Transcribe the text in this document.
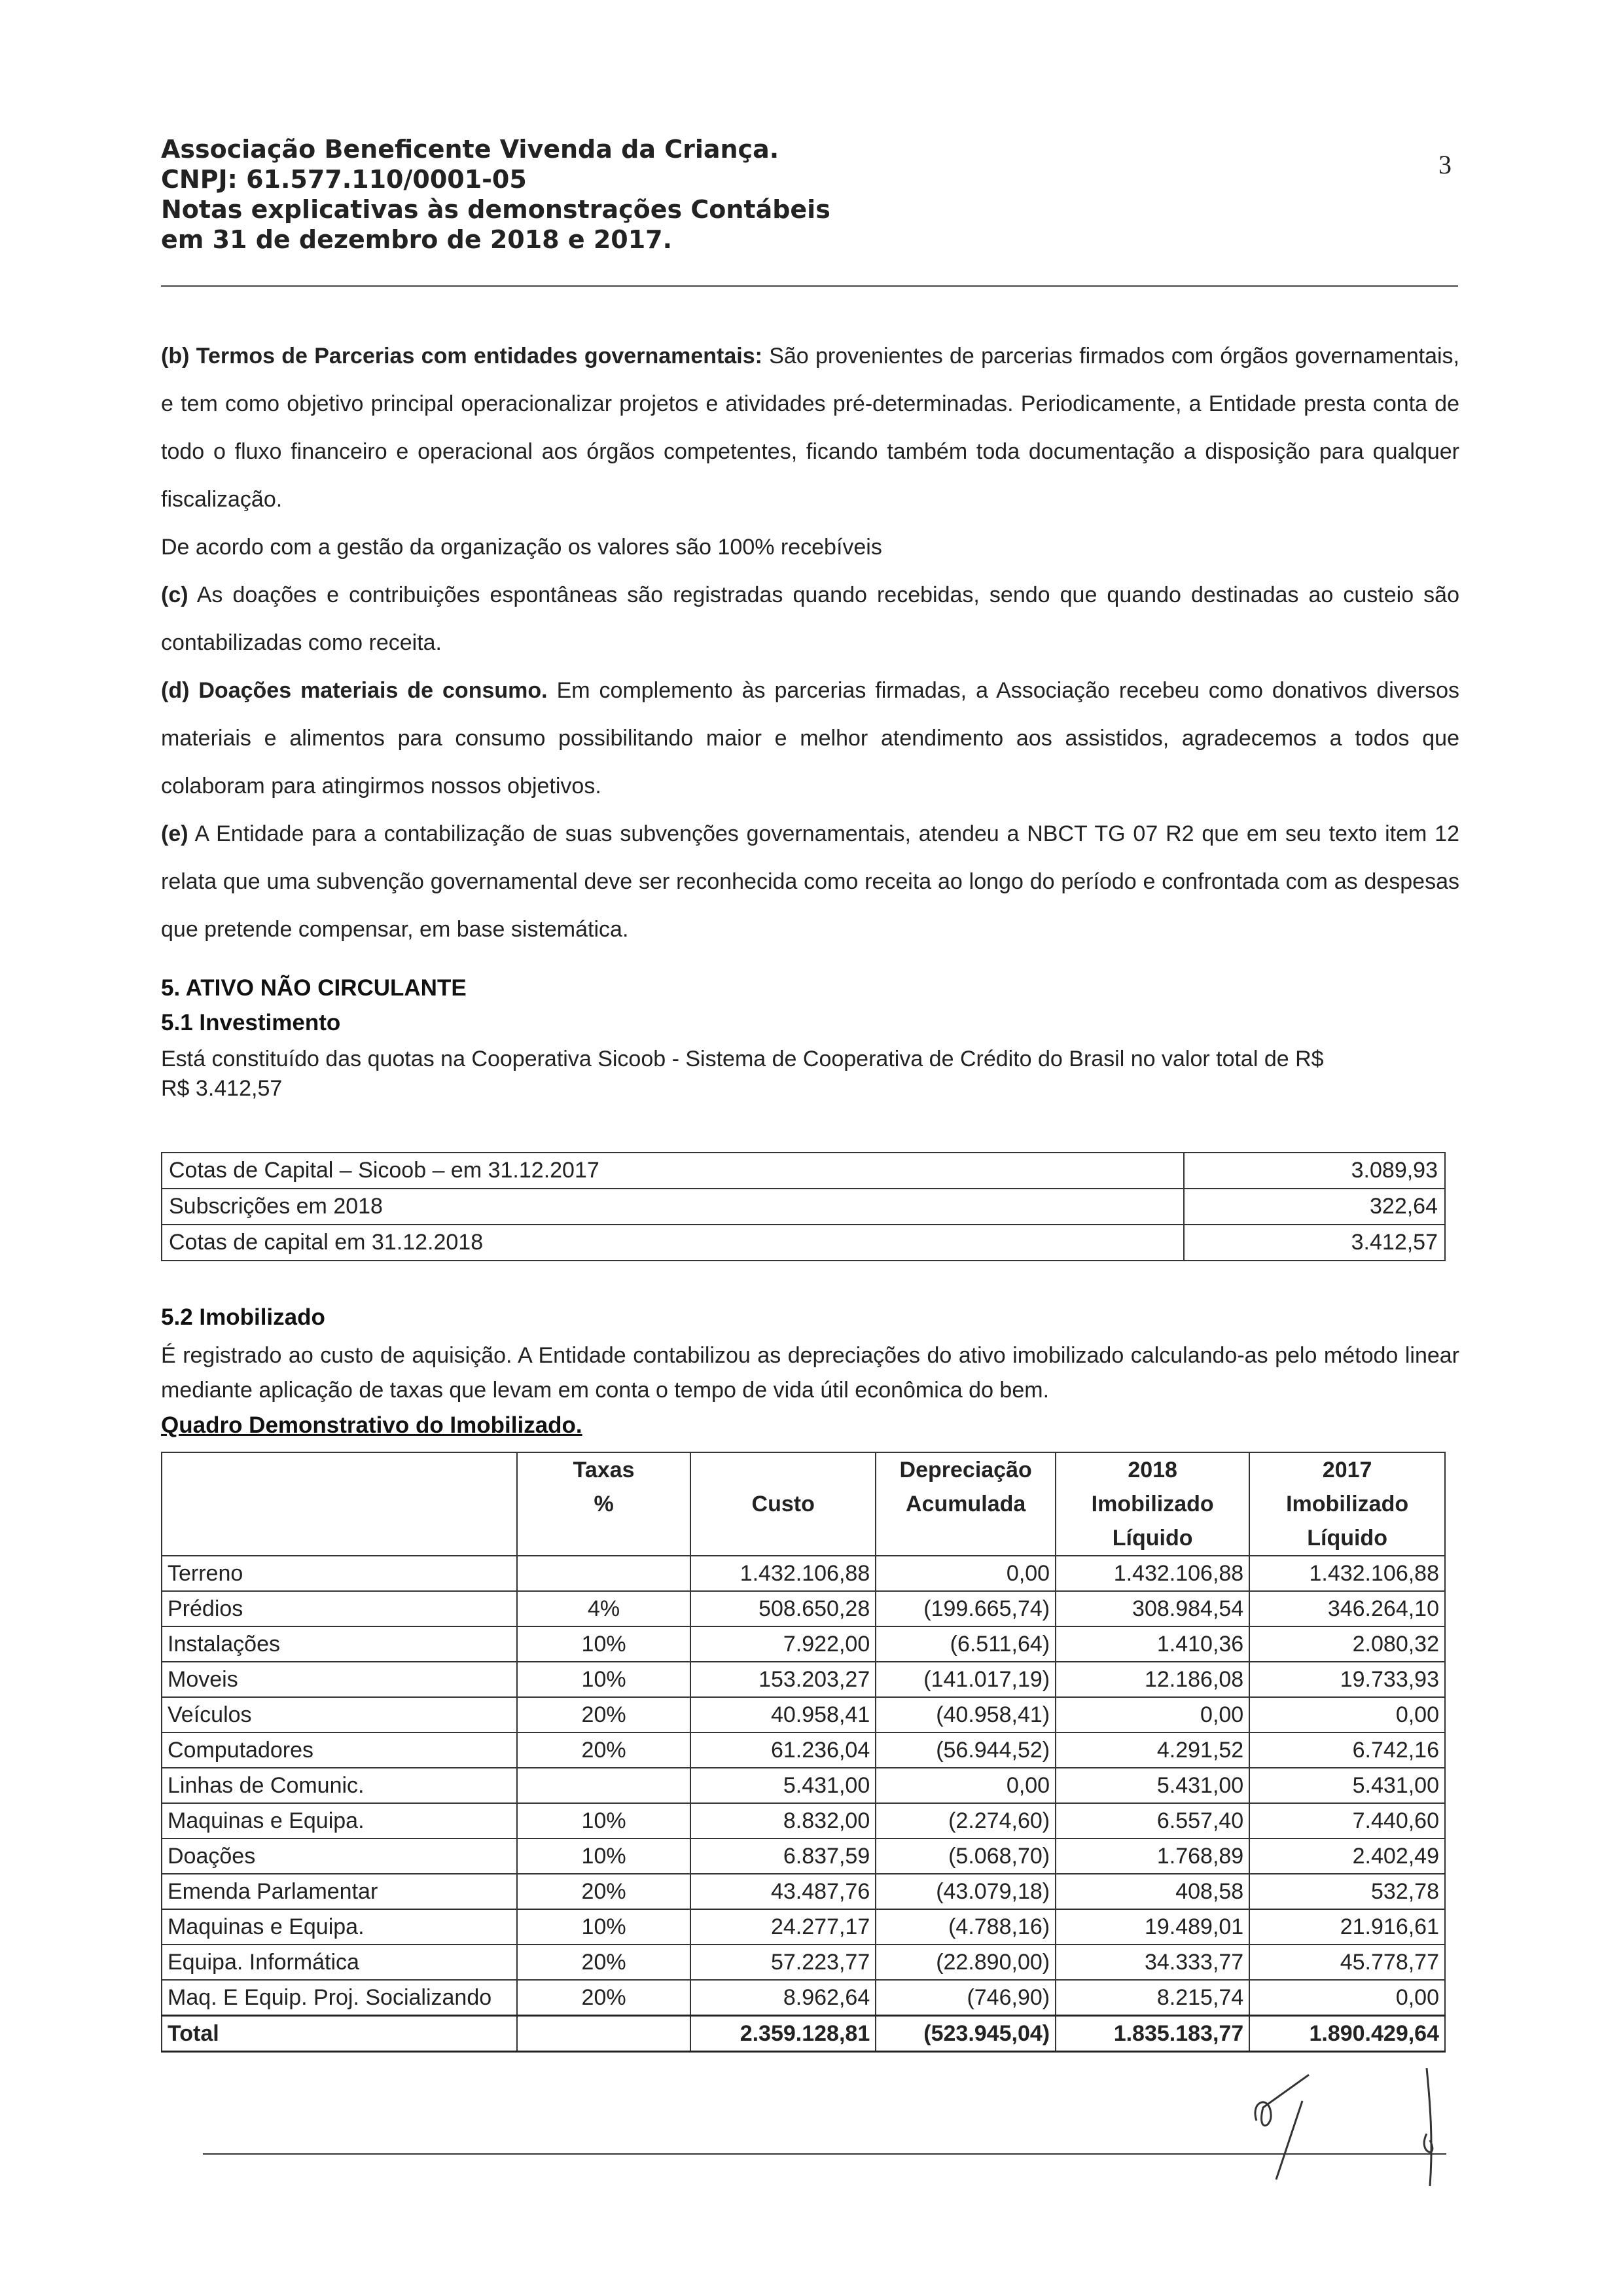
Associação Beneficente Vivenda da Criança.
CNPJ: 61.577.110/0001-05
Notas explicativas às demonstrações Contábeis
em 31 de dezembro de 2018 e 2017.
3

(b) Termos de Parcerias com entidades governamentais: São provenientes de parcerias firmados com órgãos governamentais, e tem como objetivo principal operacionalizar projetos e atividades pré-determinadas. Periodicamente, a Entidade presta conta de todo o fluxo financeiro e operacional aos órgãos competentes, ficando também toda documentação a disposição para qualquer fiscalização.

De acordo com a gestão da organização os valores são 100% recebíveis

(c) As doações e contribuições espontâneas são registradas quando recebidas, sendo que quando destinadas ao custeio são contabilizadas como receita.

(d) Doações materiais de consumo. Em complemento às parcerias firmadas, a Associação recebeu como donativos diversos materiais e alimentos para consumo possibilitando maior e melhor atendimento aos assistidos, agradecemos a todos que colaboram para atingirmos nossos objetivos.

(e) A Entidade para a contabilização de suas subvenções governamentais, atendeu a NBCT TG 07 R2 que em seu texto item 12 relata que uma subvenção governamental deve ser reconhecida como receita ao longo do período e confrontada com as despesas que pretende compensar, em base sistemática.

5. ATIVO NÃO CIRCULANTE
5.1 Investimento
Está constituído das quotas na Cooperativa Sicoob - Sistema de Cooperativa de Crédito do Brasil no valor total de R$
R$ 3.412,57
Cotas de Capital – Sicoob – em 31.12.2017	3.089,93
Subscrições em 2018	322,64
Cotas de capital em 31.12.2018	3.412,57
5.2 Imobilizado
É registrado ao custo de aquisição. A Entidade contabilizou as depreciações do ativo imobilizado calculando-as pelo método linear mediante aplicação de taxas que levam em conta o tempo de vida útil econômica do bem.
Quadro Demonstrativo do Imobilizado.
	Taxas		Depreciação	2018	2017
	%	Custo	Acumulada	Imobilizado	Imobilizado
				Líquido	Líquido
Terreno		1.432.106,88	0,00	1.432.106,88	1.432.106,88
Prédios	4%	508.650,28	(199.665,74)	308.984,54	346.264,10
Instalações	10%	7.922,00	(6.511,64)	1.410,36	2.080,32
Moveis	10%	153.203,27	(141.017,19)	12.186,08	19.733,93
Veículos	20%	40.958,41	(40.958,41)	0,00	0,00
Computadores	20%	61.236,04	(56.944,52)	4.291,52	6.742,16
Linhas de Comunic.		5.431,00	0,00	5.431,00	5.431,00
Maquinas e Equipa.	10%	8.832,00	(2.274,60)	6.557,40	7.440,60
Doações	10%	6.837,59	(5.068,70)	1.768,89	2.402,49
Emenda Parlamentar	20%	43.487,76	(43.079,18)	408,58	532,78
Maquinas e Equipa.	10%	24.277,17	(4.788,16)	19.489,01	21.916,61
Equipa. Informática	20%	57.223,77	(22.890,00)	34.333,77	45.778,77
Maq. E Equip. Proj. Socializando	20%	8.962,64	(746,90)	8.215,74	0,00
Total		2.359.128,81	(523.945,04)	1.835.183,77	1.890.429,64
